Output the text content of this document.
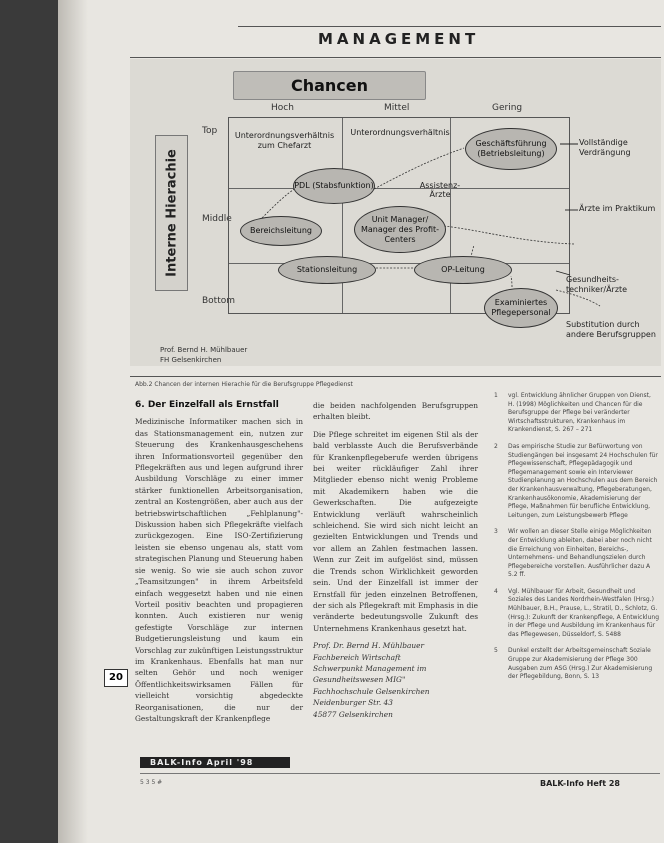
MANAGEMENT
Chancen
Hoch	Mittel	Gering
Top
Middle
Bottom
Interne Hierachie
Unterordnungsverhältnis zum Chefarzt
Unterordnungsverhältnis
Assistenz-
Ärzte
Geschäftsführung (Betriebsleitung)
PDL (Stabsfunktion)
Unit Manager/ Manager des Profit-Centers
Bereichsleitung
Stationsleitung	OP-Leitung
Examiniertes Pflegepersonal
Vollständige Verdrängung
Ärzte im Praktikum
Gesundheits-
techniker/Ärzte
Substitution durch
andere Berufsgruppen
Prof. Bernd H. Mühlbauer
FH Gelsenkirchen
Abb.2 Chancen der internen Hierachie für die Berufsgruppe Pflegedienst
6. Der Einzelfall als Ernstfall

Medizinische Informatiker machen sich in das Stationsmanagement ein, nutzen zur Steuerung des Krankenhausgeschehens ihren Informationsvorteil gegenüber den Pflegekräften aus und legen aufgrund ihrer Ausbildung Vorschläge zu einer immer stärker funktionellen Arbeitsorganisation, zentral an Kostengrößen, aber auch aus der betriebswirtschaftlichen „Fehlplanung"-Diskussion haben sich Pflegekräfte vielfach zurückgezogen. Eine ISO-Zertifizierung leisten sie ebenso ungenau als, statt vom strategischen Planung und Steuerung haben sie wenig. So wie sie auch schon zuvor „Teamsitzungen" in ihrem Arbeitsfeld einfach weggesetzt haben und nie einen Vorteil positiv beachten und propagieren konnten. Auch existieren nur wenig gefestigte Vorschläge zur internen Budgetierungsleistung und kaum ein Vorschlag zur zukünftigen Leistungsstruktur im Krankenhaus. Ebenfalls hat man nur selten Gehör und noch weniger Öffentlichkeitswirksamen Fällen für vielleicht vorsichtig abgedeckte Reorganisationen, die nur der Gestaltungskraft der Krankenpflege

die beiden nachfolgenden Berufsgruppen erhalten bleibt.

Die Pflege schreitet im eigenen Stil als der bald verblasste Auch die Berufsverbände für Krankenpflegeberufe werden übrigens bei weiter rückläufiger Zahl ihrer Mitglieder ebenso nicht wenig Probleme mit Akademikern haben wie die Gewerkschaften. Die aufgezeigte Entwicklung verläuft wahrscheinlich schleichend. Sie wird sich nicht leicht an gezielten Entwicklungen und Trends und vor allem an Zahlen festmachen lassen. Wenn zur Zeit im aufgelöst sind, müssen die Trends schon Wirklichkeit geworden sein. Und der Einzelfall ist immer der Ernstfall für jeden einzelnen Betroffenen, der sich als Pflegekraft mit Emphasis in die veränderte bedeutungsvolle Zukunft des Unternehmens Krankenhaus gesetzt hat.

Prof. Dr. Bernd H. Mühlbauer
Fachbereich Wirtschaft
Schwerpunkt Management im
Gesundheitswesen MIG"
Fachhochschule Gelsenkirchen
Neidenburger Str. 43
45877 Gelsenkirchen
1 vgl. Entwicklung ähnlicher Gruppen von Dienst, H. (1998) Möglichkeiten und Chancen für die Berufsgruppe der Pflege bei veränderter Wirtschaftsstrukturen, Krankenhaus im Krankendienst, S. 267 – 271
2 Das empirische Studie zur Befürwortung von Studiengängen bei insgesamt 24 Hochschulen für Pflegewissenschaft, Pflegepädagogik und Pflegemanagement sowie ein Interviewer Studienplanung an Hochschulen aus dem Bereich der Krankenhausverwaltung, Pflegeberatungen, Krankenhausökonomie, Akademisierung der Pflege, Maßnahmen für berufliche Entwicklung, Leitungen, zum Leistungsbewerb Pflege
3 Wir wollen an dieser Stelle einige Möglichkeiten der Entwicklung ableiten, dabei aber noch nicht die Erreichung von Einheiten, Bereichs-, Unternehmens- und Behandlungszielen durch Pflegebereiche vorstellen. Ausführlicher dazu A 5.2 ff.
4 Vgl. Mühlbauer für Arbeit, Gesundheit und Soziales des Landes Nordrhein-Westfalen (Hrsg.) Mühlbauer, B.H., Prause, L., Stratil, D., Schlotz, G. (Hrsg.): Zukunft der Krankenpflege, A Entwicklung in der Pflege und Ausbildung im Krankenhaus für das Pflegewesen, Düsseldorf, S. 5488
5 Dunkel erstellt der Arbeitsgemeinschaft Soziale Gruppe zur Akademisierung der Pflege 300 Ausgaben zum ASG (Hrsg.) Zur Akademisierung der Pflegebildung, Bonn, S. 13
20
BALK-Info April '98
5 3 5 #	BALK-Info Heft 28
